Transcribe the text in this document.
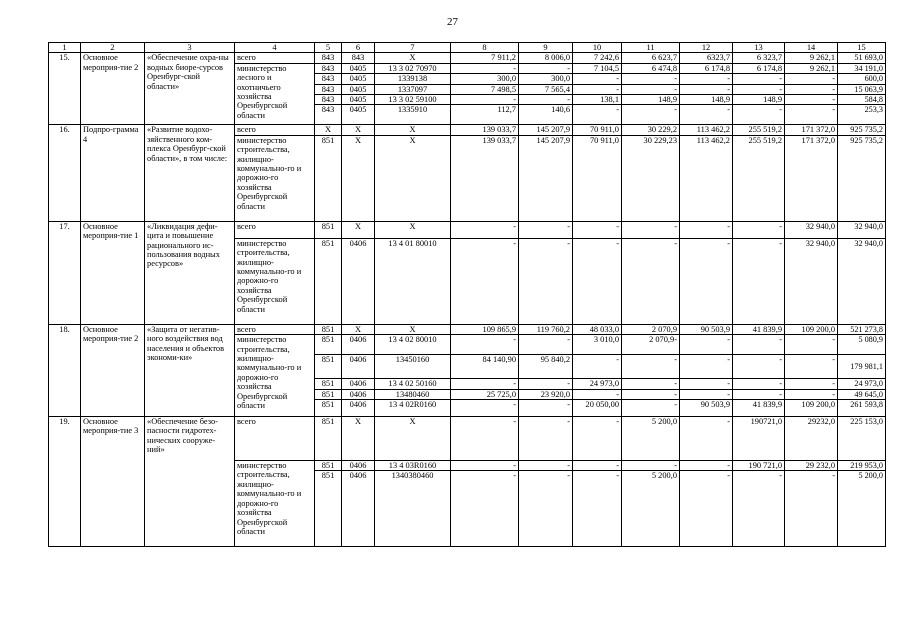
27
1	2	3	4	5	6	7	8	9	10	11	12	13	14	15
15.	Основное мероприя-тие 2	«Обеспечение охра-ны водных биоре-сурсов Оренбург-ской области»	всего	843	843	X	7 911,2	8 006,0	7 242,6	6 623,7	6323,7	6 323,7	9 262,1	51 693,0
			министерство лесного и охотничьего хозяйства Оренбургской области	843	0405	13 3 02 70970	-	-	7 104,5	6 474,8	6 174,8	6 174,8	9 262,1	34 191,0
				843	0405	1339138	300,0	300,0	-	-	-	-	-	600,0
				843	0405	1337097	7 498,5	7 565,4	-	-	-	-	-	15 063,9
				843	0405	13 3 02 59100	-	-	138,1	148,9	148,9	148,9	-	584,8
				843	0405	1335910	112,7	140,6	-	-	-	-	-	253,3
16.	Подпро-грамма 4	«Развитие водохо-зяйственного ком-плекса Оренбург-ской области», в том числе:	всего	X	X	X	139 033,7	145 207,9	70 911,0	30 229,2	113 462,2	255 519,2	171 372,0	925 735,2
			министерство строительства, жилищно-коммунально-го и дорожно-го хозяйства Оренбургской области	851	X	X	139 033,7	145 207,9	70 911,0	30 229,23	113 462,2	255 519,2	171 372,0	925 735,2
17.	Основное мероприя-тие 1	«Ликвидация дефи-цита и повышение рационального ис-пользования водных ресурсов»	всего	851	X	X	-	-	-	-	-	-	32 940,0	32 940,0
			министерство строительства, жилищно-коммунально-го и дорожно-го хозяйства Оренбургской области	851	0406	13 4 01 80010	-	-	-	-	-	-	32 940,0	32 940,0
18.	Основное мероприя-тие 2	«Защита от негатив-ного воздействия вод населения и объектов экономи-ки»	всего	851	X	X	109 865,9	119 760,2	48 033,0	2 070,9	90 503,9	41 839,9	109 200,0	521 273,8
			министерство строительства, жилищно-коммунально-го и дорожно-го хозяйства Оренбургской области	851	0406	13 4 02 80010	-	-	3 010,0	2 070,9-	-	-	-	5 080,9
				851	0406	13450160	84 140,90	95 840,2	-	-	-	-	-	179 981,1
				851	0406	13 4 02 50160	-	-	24 973,0	-	-	-	-	24 973,0
				851	0406	13480460	25 725,0	23 920,0	-	-	-	-	-	49 645,0
				851	0406	13 4 02R0160	-	-	20 050,00	-	90 503,9	41 839,9	109 200,0	261 593,8
19.	Основное мероприя-тие 3	«Обеспечение безо-пасности гидротех-нических сооруже-ний»	всего	851	X	X	-	-	-	5 200,0	-	190721,0	29232,0	225 153,0
			министерство строительства, жилищно-коммунально-го и дорожно-го хозяйства Оренбургской области	851	0406	13 4 03R0160	-	-	-	-	-	190 721,0	29 232,0	219 953,0
				851	0406	1340380460	-	-	-	5 200,0	-	-	-	5 200,0
